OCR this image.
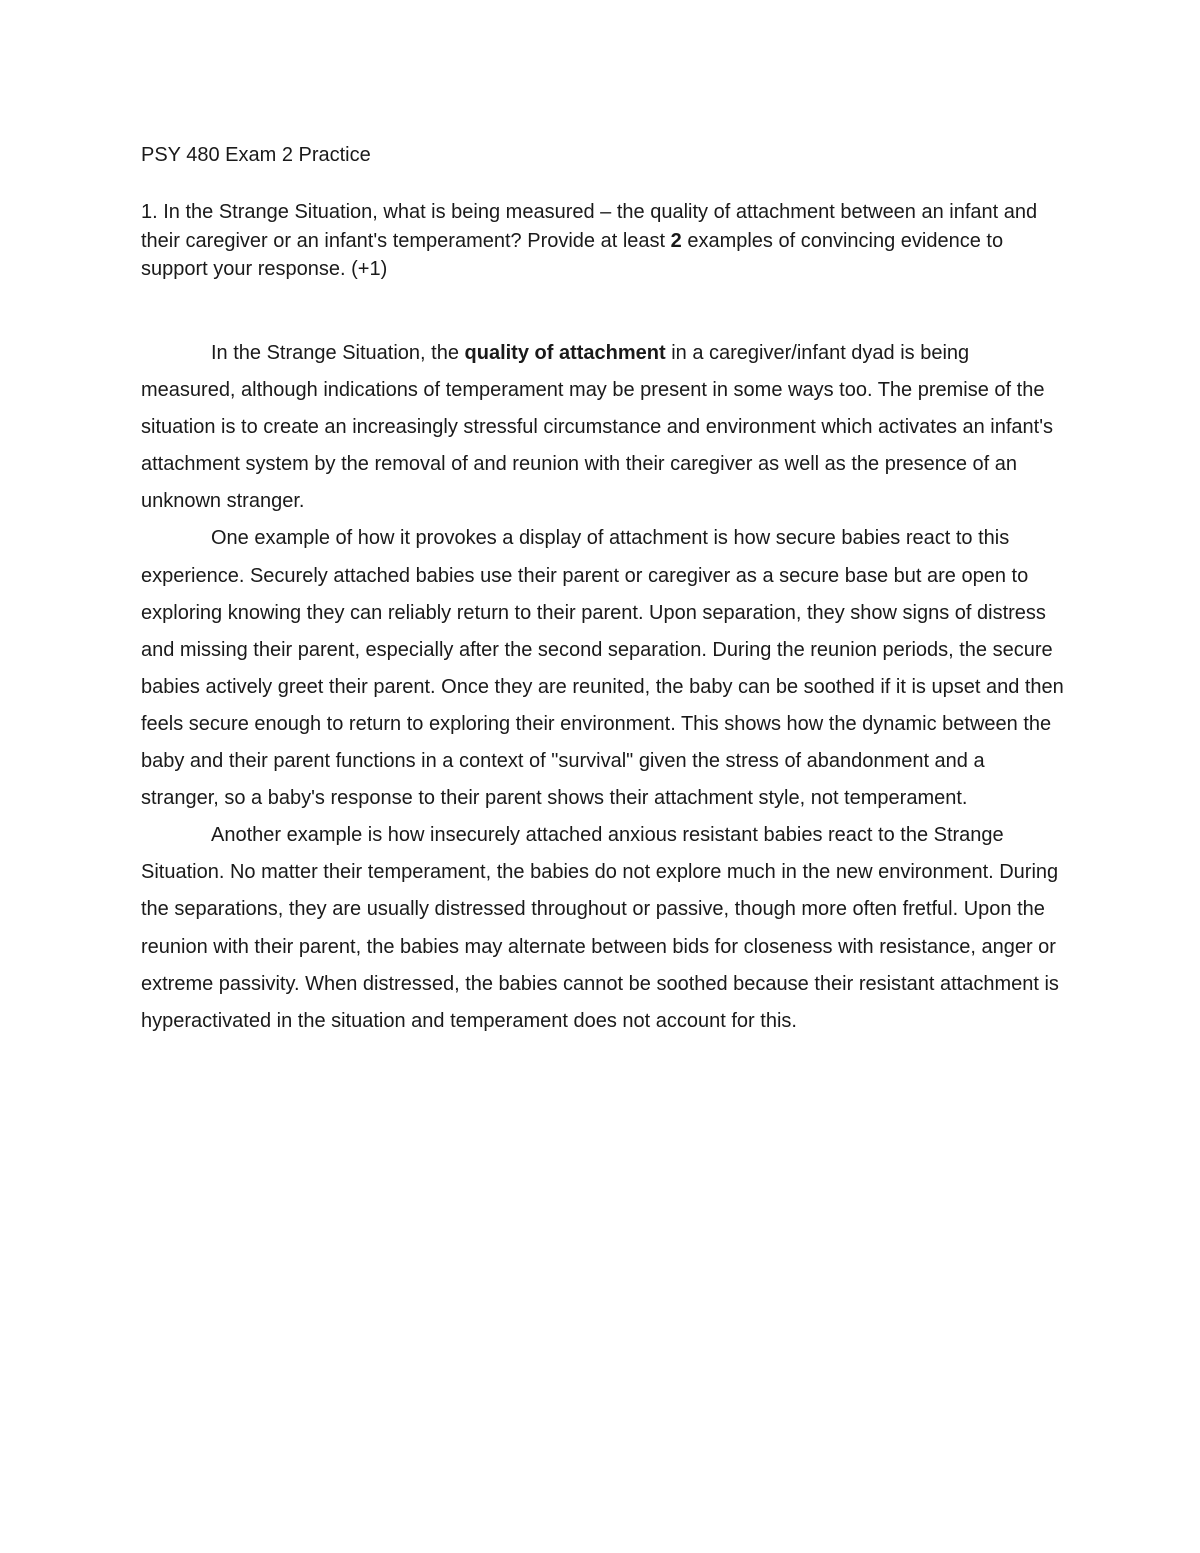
PSY 480 Exam 2 Practice

1. In the Strange Situation, what is being measured – the quality of attachment between an infant and their caregiver or an infant's temperament? Provide at least 2 examples of convincing evidence to support your response. (+1)

In the Strange Situation, the quality of attachment in a caregiver/infant dyad is being measured, although indications of temperament may be present in some ways too. The premise of the situation is to create an increasingly stressful circumstance and environment which activates an infant's attachment system by the removal of and reunion with their caregiver as well as the presence of an unknown stranger.

One example of how it provokes a display of attachment is how secure babies react to this experience. Securely attached babies use their parent or caregiver as a secure base but are open to exploring knowing they can reliably return to their parent. Upon separation, they show signs of distress and missing their parent, especially after the second separation. During the reunion periods, the secure babies actively greet their parent. Once they are reunited, the baby can be soothed if it is upset and then feels secure enough to return to exploring their environment. This shows how the dynamic between the baby and their parent functions in a context of "survival" given the stress of abandonment and a stranger, so a baby's response to their parent shows their attachment style, not temperament.

Another example is how insecurely attached anxious resistant babies react to the Strange Situation. No matter their temperament, the babies do not explore much in the new environment. During the separations, they are usually distressed throughout or passive, though more often fretful. Upon the reunion with their parent, the babies may alternate between bids for closeness with resistance, anger or extreme passivity. When distressed, the babies cannot be soothed because their resistant attachment is hyperactivated in the situation and temperament does not account for this.
